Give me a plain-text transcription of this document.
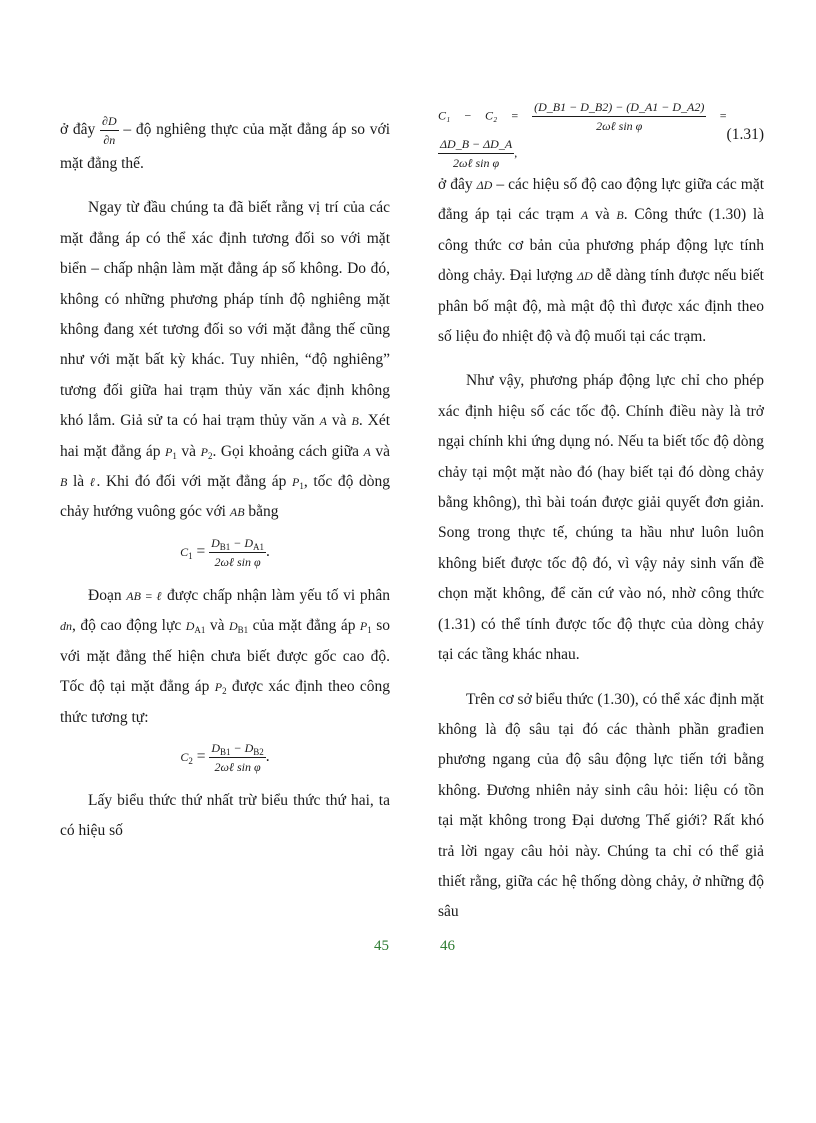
ở đây $\frac{\partial D}{\partial n}$ – độ nghiêng thực của mặt đẳng áp so với mặt đẳng thế.

Ngay từ đầu chúng ta đã biết rằng vị trí của các mặt đẳng áp có thể xác định tương đối so với mặt biển – chấp nhận làm mặt đẳng áp số không. Do đó, không có những phương pháp tính độ nghiêng mặt không đang xét tương đối so với mặt đẳng thế cũng như với mặt bất kỳ khác. Tuy nhiên, “độ nghiêng” tương đối giữa hai trạm thủy văn xác định không khó lắm. Giả sử ta có hai trạm thủy văn A và B. Xét hai mặt đẳng áp $P_1$ và $P_2$. Gọi khoảng cách giữa A và B là ℓ. Khi đó đối với mặt đẳng áp $P_1$, tốc độ dòng chảy hướng vuông góc với AB bằng

$C_1 = \frac{D_{B1} - D_{A1}}{\text{2ωℓ sin φ}}$ .

Đoạn AB = ℓ được chấp nhận làm yếu tố vi phân dn, độ cao động lực $D_{A1}$ và $D_{B1}$ của mặt đẳng áp $P_1$ so với mặt đẳng thế hiện chưa biết được gốc cao độ. Tốc độ tại mặt đẳng áp $P_2$ được xác định theo công thức tương tự:

$C_2 = \frac{D_{B1} - D_{B2}}{\text{2ωℓ sin φ}}$ .

Lấy biểu thức thứ nhất trừ biểu thức thứ hai, ta có hiệu số

$C_1 - C_2 = \frac{(D\_B1 - D\_B2) - (D\_A1 - D\_A2)}{\text{2ωℓ sin φ}}$ =
$\frac{\Delta D\_B - \Delta D\_A}{\text{2ωℓ sin φ}}$ ,
(1.31)

ở đây ΔD – các hiệu số độ cao động lực giữa các mặt đẳng áp tại các trạm A và B. Công thức (1.30) là công thức cơ bản của phương pháp động lực tính dòng chảy. Đại lượng ΔD dễ dàng tính được nếu biết phân bố mật độ, mà mật độ thì được xác định theo số liệu đo nhiệt độ và độ muối tại các trạm.

Như vậy, phương pháp động lực chỉ cho phép xác định hiệu số các tốc độ. Chính điều này là trở ngại chính khi ứng dụng nó. Nếu ta biết tốc độ dòng chảy tại một mặt nào đó (hay biết tại đó dòng chảy bằng không), thì bài toán được giải quyết đơn giản. Song trong thực tế, chúng ta hầu như luôn luôn không biết được tốc độ đó, vì vậy nảy sinh vấn đề chọn mặt không, để căn cứ vào nó, nhờ công thức (1.31) có thể tính được tốc độ thực của dòng chảy tại các tầng khác nhau.

Trên cơ sở biểu thức (1.30), có thể xác định mặt không là độ sâu tại đó các thành phần građien phương ngang của độ sâu động lực tiến tới bằng không. Đương nhiên nảy sinh câu hỏi: liệu có tồn tại mặt không trong Đại dương Thế giới? Rất khó trả lời ngay câu hỏi này. Chúng ta chỉ có thể giả thiết rằng, giữa các hệ thống dòng chảy, ở những độ sâu

45	46
